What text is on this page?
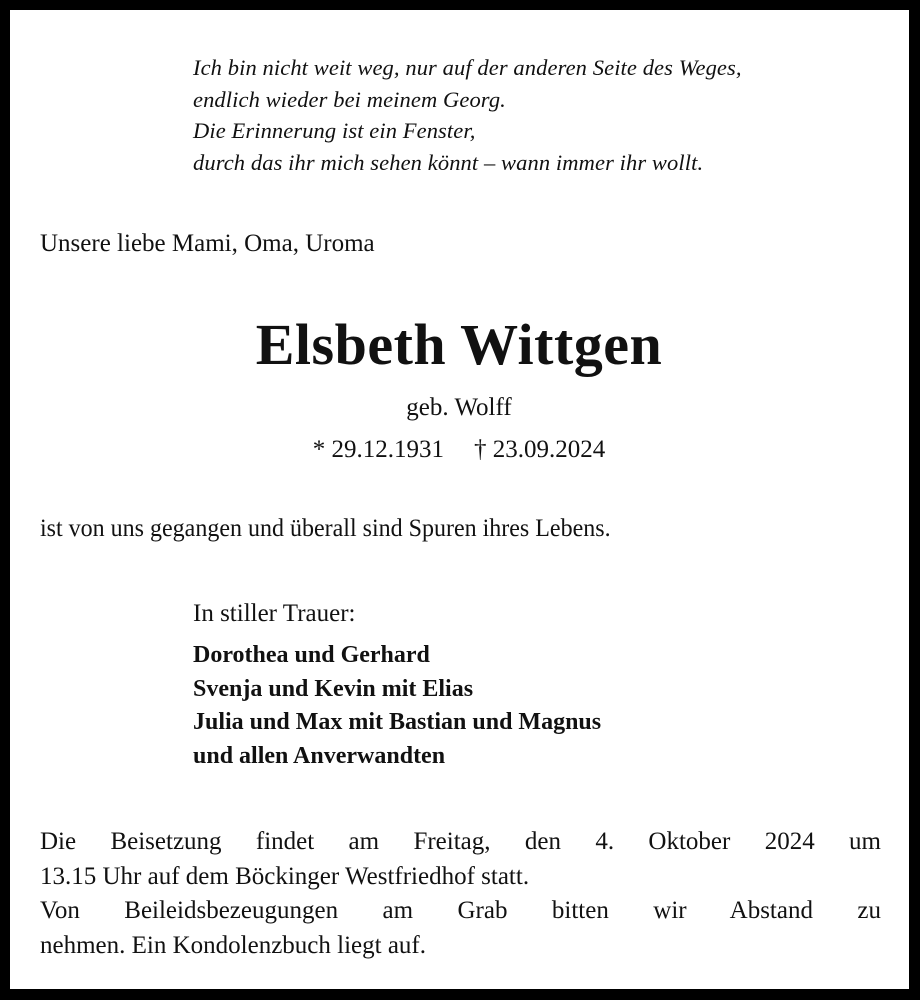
Ich bin nicht weit weg, nur auf der anderen Seite des Weges,
endlich wieder bei meinem Georg.
Die Erinnerung ist ein Fenster,
durch das ihr mich sehen könnt – wann immer ihr wollt.
Unsere liebe Mami, Oma, Uroma
Elsbeth Wittgen
geb. Wolff
* 29.12.1931 † 23.09.2024
ist von uns gegangen und überall sind Spuren ihres Lebens.
In stiller Trauer:
Dorothea und Gerhard
Svenja und Kevin mit Elias
Julia und Max mit Bastian und Magnus
und allen Anverwandten
Die Beisetzung findet am Freitag, den 4. Oktober 2024 um
13.15 Uhr auf dem Böckinger Westfriedhof statt.
Von Beileidsbezeugungen am Grab bitten wir Abstand zu
nehmen. Ein Kondolenzbuch liegt auf.
